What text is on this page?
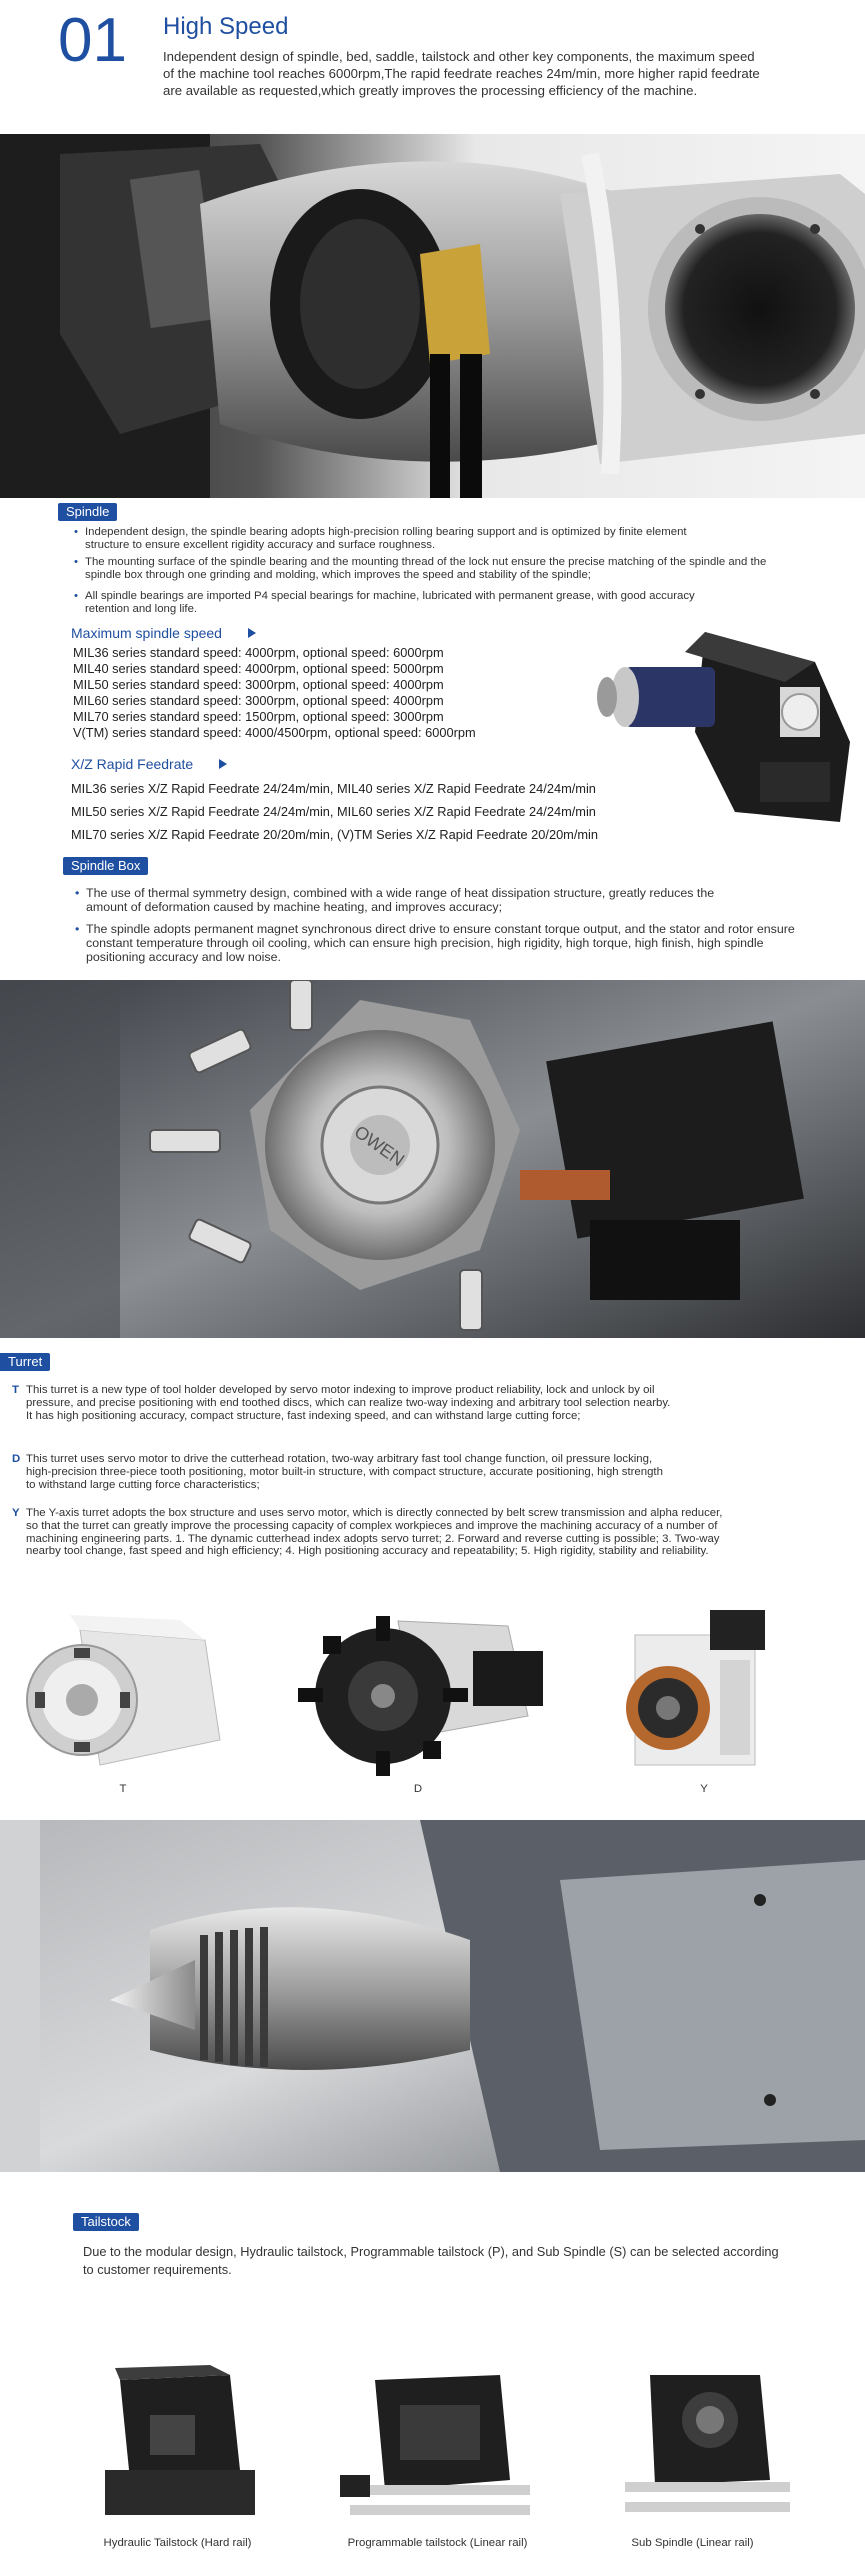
01 High Speed
Independent design of spindle, bed, saddle, tailstock and other key components, the maximum speed of the machine tool reaches 6000rpm,The rapid feedrate reaches 24m/min, more higher rapid feedrate are available as requested,which greatly improves the processing efficiency of the machine.
Spindle
• Independent design, the spindle bearing adopts high-precision rolling bearing support and is optimized by finite element structure to ensure excellent rigidity accuracy and surface roughness.
• The mounting surface of the spindle bearing and the mounting thread of the lock nut ensure the precise matching of the spindle and the spindle box through one grinding and molding, which improves the speed and stability of the spindle;
• All spindle bearings are imported P4 special bearings for machine, lubricated with permanent grease, with good accuracy retention and long life.
Maximum spindle speed
MIL36 series standard speed: 4000rpm, optional speed: 6000rpm
MIL40 series standard speed: 4000rpm, optional speed: 5000rpm
MIL50 series standard speed: 3000rpm, optional speed: 4000rpm
MIL60 series standard speed: 3000rpm, optional speed: 4000rpm
MIL70 series standard speed: 1500rpm, optional speed: 3000rpm
V(TM) series standard speed: 4000/4500rpm, optional speed: 6000rpm
X/Z Rapid Feedrate
MIL36 series X/Z Rapid Feedrate 24/24m/min, MIL40 series X/Z Rapid Feedrate 24/24m/min
MIL50 series X/Z Rapid Feedrate 24/24m/min, MIL60 series X/Z Rapid Feedrate 24/24m/min
MIL70 series X/Z Rapid Feedrate 20/20m/min, (V)TM Series X/Z Rapid Feedrate 20/20m/min
Spindle Box
• The use of thermal symmetry design, combined with a wide range of heat dissipation structure, greatly reduces the amount of deformation caused by machine heating, and improves accuracy;
• The spindle adopts permanent magnet synchronous direct drive to ensure constant torque output, and the stator and rotor ensure constant temperature through oil cooling, which can ensure high precision, high rigidity, high torque, high finish, high spindle positioning accuracy and low noise.
OWEN
Turret
T This turret is a new type of tool holder developed by servo motor indexing to improve product reliability, lock and unlock by oil pressure, and precise positioning with end toothed discs, which can realize two-way indexing and arbitrary tool selection nearby. It has high positioning accuracy, compact structure, fast indexing speed, and can withstand large cutting force;
D This turret uses servo motor to drive the cutterhead rotation, two-way arbitrary fast tool change function, oil pressure locking, high-precision three-piece tooth positioning, motor built-in structure, with compact structure, accurate positioning, high strength to withstand large cutting force characteristics;
Y The Y-axis turret adopts the box structure and uses servo motor, which is directly connected by belt screw transmission and alpha reducer, so that the turret can greatly improve the processing capacity of complex workpieces and improve the machining accuracy of a number of machining engineering parts. 1. The dynamic cutterhead index adopts servo turret; 2. Forward and reverse cutting is possible; 3. Two-way nearby tool change, fast speed and high efficiency; 4. High positioning accuracy and repeatability; 5. High rigidity, stability and reliability.
T	D	Y
Tailstock
Due to the modular design, Hydraulic tailstock, Programmable tailstock (P), and Sub Spindle (S) can be selected according to customer requirements.
Hydraulic Tailstock (Hard rail)	Programmable tailstock (Linear rail)	Sub Spindle (Linear rail)
